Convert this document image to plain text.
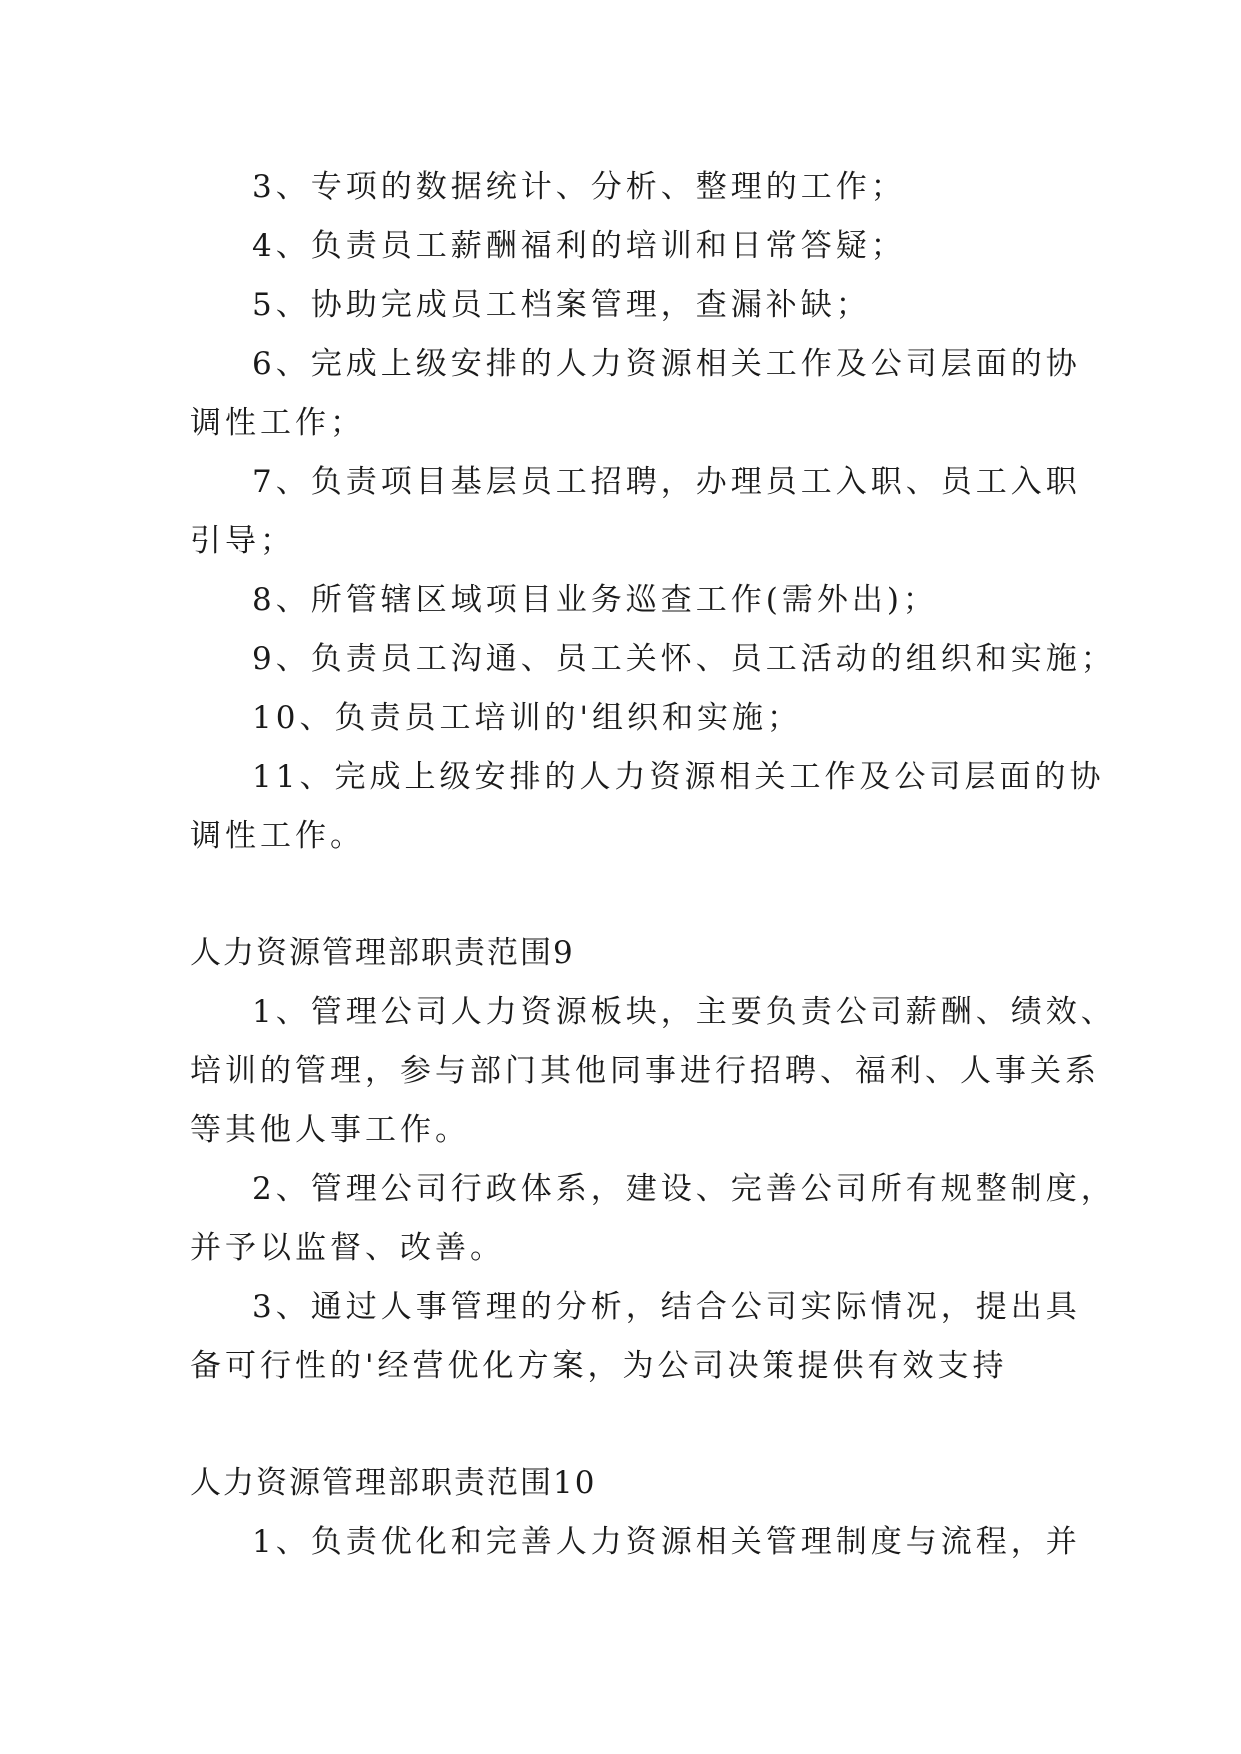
3、专项的数据统计、分析、整理的工作；
4、负责员工薪酬福利的培训和日常答疑；
5、协助完成员工档案管理，查漏补缺；
6、完成上级安排的人力资源相关工作及公司层面的协
调性工作；
7、负责项目基层员工招聘，办理员工入职、员工入职
引导；
8、所管辖区域项目业务巡查工作(需外出)；
9、负责员工沟通、员工关怀、员工活动的组织和实施；
10、负责员工培训的'组织和实施；
11、完成上级安排的人力资源相关工作及公司层面的协
调性工作。
人力资源管理部职责范围9
1、管理公司人力资源板块，主要负责公司薪酬、绩效、
培训的管理，参与部门其他同事进行招聘、福利、人事关系
等其他人事工作。
2、管理公司行政体系，建设、完善公司所有规整制度，
并予以监督、改善。
3、通过人事管理的分析，结合公司实际情况，提出具
备可行性的'经营优化方案，为公司决策提供有效支持
人力资源管理部职责范围10
1、负责优化和完善人力资源相关管理制度与流程，并
